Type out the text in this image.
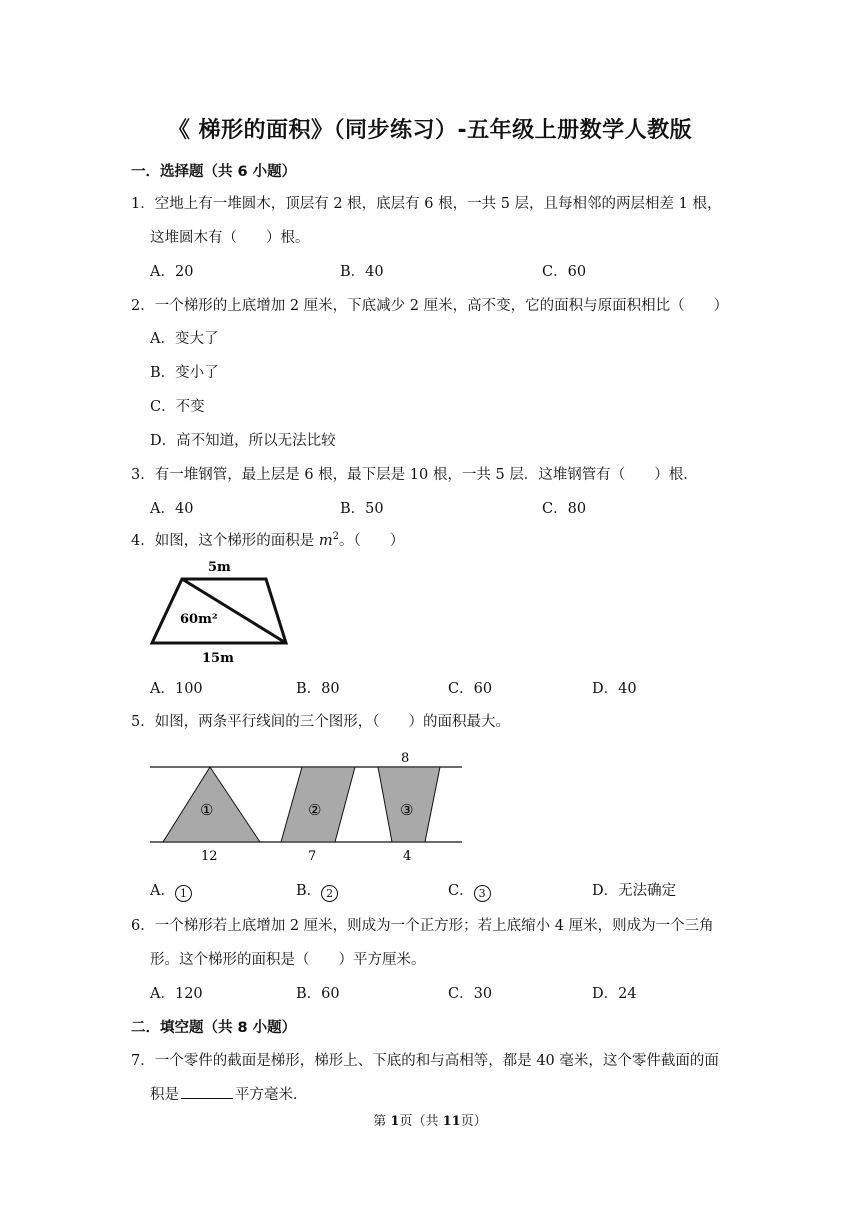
《 梯形的面积》（同步练习）-五年级上册数学人教版
一．选择题（共 6 小题）
1．空地上有一堆圆木，顶层有 2 根，底层有 6 根，一共 5 层，且每相邻的两层相差 1 根，
这堆圆木有（　　）根。
A．20	B．40	C．60
2．一个梯形的上底增加 2 厘米，下底减少 2 厘米，高不变，它的面积与原面积相比（　　）
A．变大了
B．变小了
C．不变
D．高不知道，所以无法比较
3．有一堆钢管，最上层是 6 根，最下层是 10 根，一共 5 层．这堆钢管有（　　）根．
A．40	B．50	C．80
4．如图，这个梯形的面积是 $m^2$。（　　）
5m
60m²
15m
A．100	B．80	C．60	D．40
5．如图，两条平行线间的三个图形，（　　）的面积最大。
8
①	②	③
12	7	4
A． 1	B． 2	C． 3	D．无法确定
6．一个梯形若上底增加 2 厘米，则成为一个正方形；若上底缩小 4 厘米，则成为一个三角
形。这个梯形的面积是（　　）平方厘米。
A．120	B．60	C．30	D．24
二．填空题（共 8 小题）
7．一个零件的截面是梯形，梯形上、下底的和与高相等，都是 40 毫米，这个零件截面的面
积是	平方毫米．
第 1页（共 11页）
